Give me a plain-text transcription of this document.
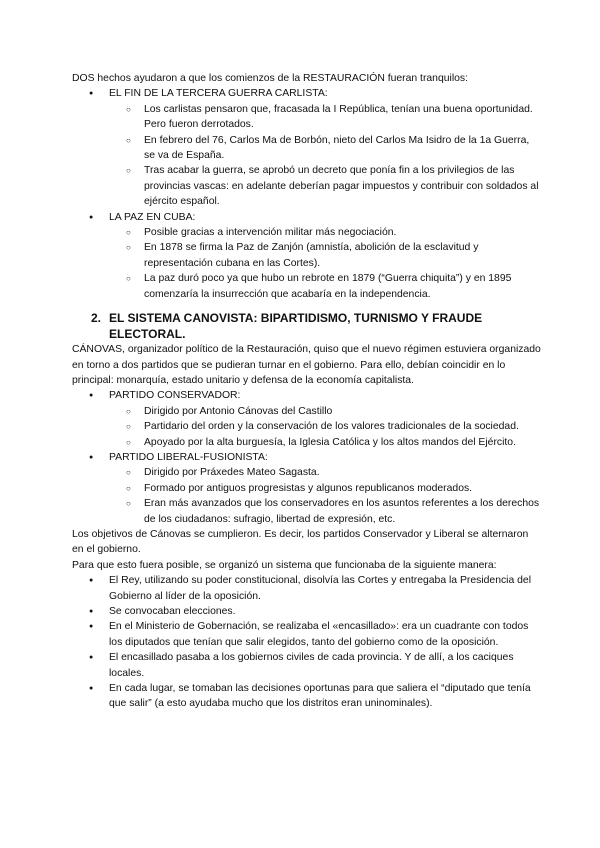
DOS hechos ayudaron a que los comienzos de la RESTAURACIÓN fueran tranquilos:

● EL FIN DE LA TERCERA GUERRA CARLISTA:
○ Los carlistas pensaron que, fracasada la I República, tenían una buena oportunidad. Pero fueron derrotados.
○ En febrero del 76, Carlos Ma de Borbón, nieto del Carlos Ma Isidro de la 1a Guerra, se va de España.
○ Tras acabar la guerra, se aprobó un decreto que ponía fin a los privilegios de las provincias vascas: en adelante deberían pagar impuestos y contribuir con soldados al ejército español.
● LA PAZ EN CUBA:
○ Posible gracias a intervención militar más negociación.
○ En 1878 se firma la Paz de Zanjón (amnistía, abolición de la esclavitud y representación cubana en las Cortes).
○ La paz duró poco ya que hubo un rebrote en 1879 (“Guerra chiquita”) y en 1895 comenzaría la insurrección que acabaría en la independencia.
2. EL SISTEMA CANOVISTA: BIPARTIDISMO, TURNISMO Y FRAUDE ELECTORAL.

CÁNOVAS, organizador político de la Restauración, quiso que el nuevo régimen estuviera organizado en torno a dos partidos que se pudieran turnar en el gobierno. Para ello, debían coincidir en lo principal: monarquía, estado unitario y defensa de la economía capitalista.

● PARTIDO CONSERVADOR:
○ Dirigido por Antonio Cánovas del Castillo
○ Partidario del orden y la conservación de los valores tradicionales de la sociedad.
○ Apoyado por la alta burguesía, la Iglesia Católica y los altos mandos del Ejército.
● PARTIDO LIBERAL-FUSIONISTA:
○ Dirigido por Práxedes Mateo Sagasta.
○ Formado por antiguos progresistas y algunos republicanos moderados.
○ Eran más avanzados que los conservadores en los asuntos referentes a los derechos de los ciudadanos: sufragio, libertad de expresión, etc.

Los objetivos de Cánovas se cumplieron. Es decir, los partidos Conservador y Liberal se alternaron en el gobierno.

Para que esto fuera posible, se organizó un sistema que funcionaba de la siguiente manera:

● El Rey, utilizando su poder constitucional, disolvía las Cortes y entregaba la Presidencia del Gobierno al líder de la oposición.
● Se convocaban elecciones.
● En el Ministerio de Gobernación, se realizaba el «encasillado»: era un cuadrante con todos los diputados que tenían que salir elegidos, tanto del gobierno como de la oposición.
● El encasillado pasaba a los gobiernos civiles de cada provincia. Y de allí, a los caciques locales.
● En cada lugar, se tomaban las decisiones oportunas para que saliera el “diputado que tenía que salir” (a esto ayudaba mucho que los distritos eran uninominales).
